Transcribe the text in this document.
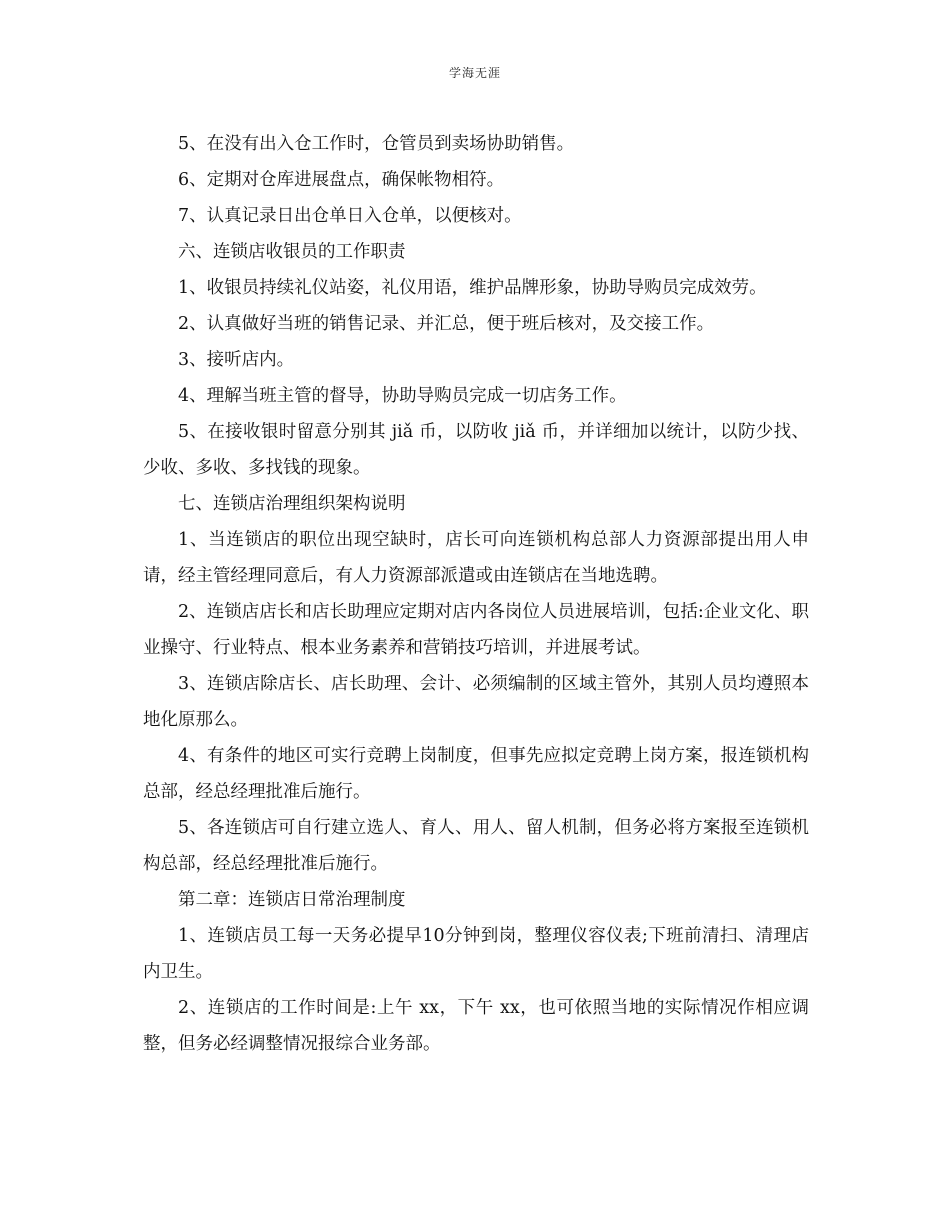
学海无涯

5、在没有出入仓工作时，仓管员到卖场协助销售。

6、定期对仓库进展盘点，确保帐物相符。

7、认真记录日出仓单日入仓单，以便核对。

六、连锁店收银员的工作职责

1、收银员持续礼仪站姿，礼仪用语，维护品牌形象，协助导购员完成效劳。

2、认真做好当班的销售记录、并汇总，便于班后核对，及交接工作。

3、接听店内。

4、理解当班主管的督导，协助导购员完成一切店务工作。

5、在接收银时留意分别其 jiǎ 币，以防收 jiǎ 币，并详细加以统计，以防少找、少收、多收、多找钱的现象。

七、连锁店治理组织架构说明

1、当连锁店的职位出现空缺时，店长可向连锁机构总部人力资源部提出用人申请，经主管经理同意后，有人力资源部派遣或由连锁店在当地选聘。

2、连锁店店长和店长助理应定期对店内各岗位人员进展培训，包括:企业文化、职业操守、行业特点、根本业务素养和营销技巧培训，并进展考试。

3、连锁店除店长、店长助理、会计、必须编制的区域主管外，其别人员均遵照本地化原那么。

4、有条件的地区可实行竞聘上岗制度，但事先应拟定竞聘上岗方案，报连锁机构总部，经总经理批准后施行。

5、各连锁店可自行建立选人、育人、用人、留人机制，但务必将方案报至连锁机构总部，经总经理批准后施行。

第二章：连锁店日常治理制度

1、连锁店员工每一天务必提早10分钟到岗，整理仪容仪表;下班前清扫、清理店内卫生。

2、连锁店的工作时间是:上午 xx，下午 xx，也可依照当地的实际情况作相应调整，但务必经调整情况报综合业务部。
